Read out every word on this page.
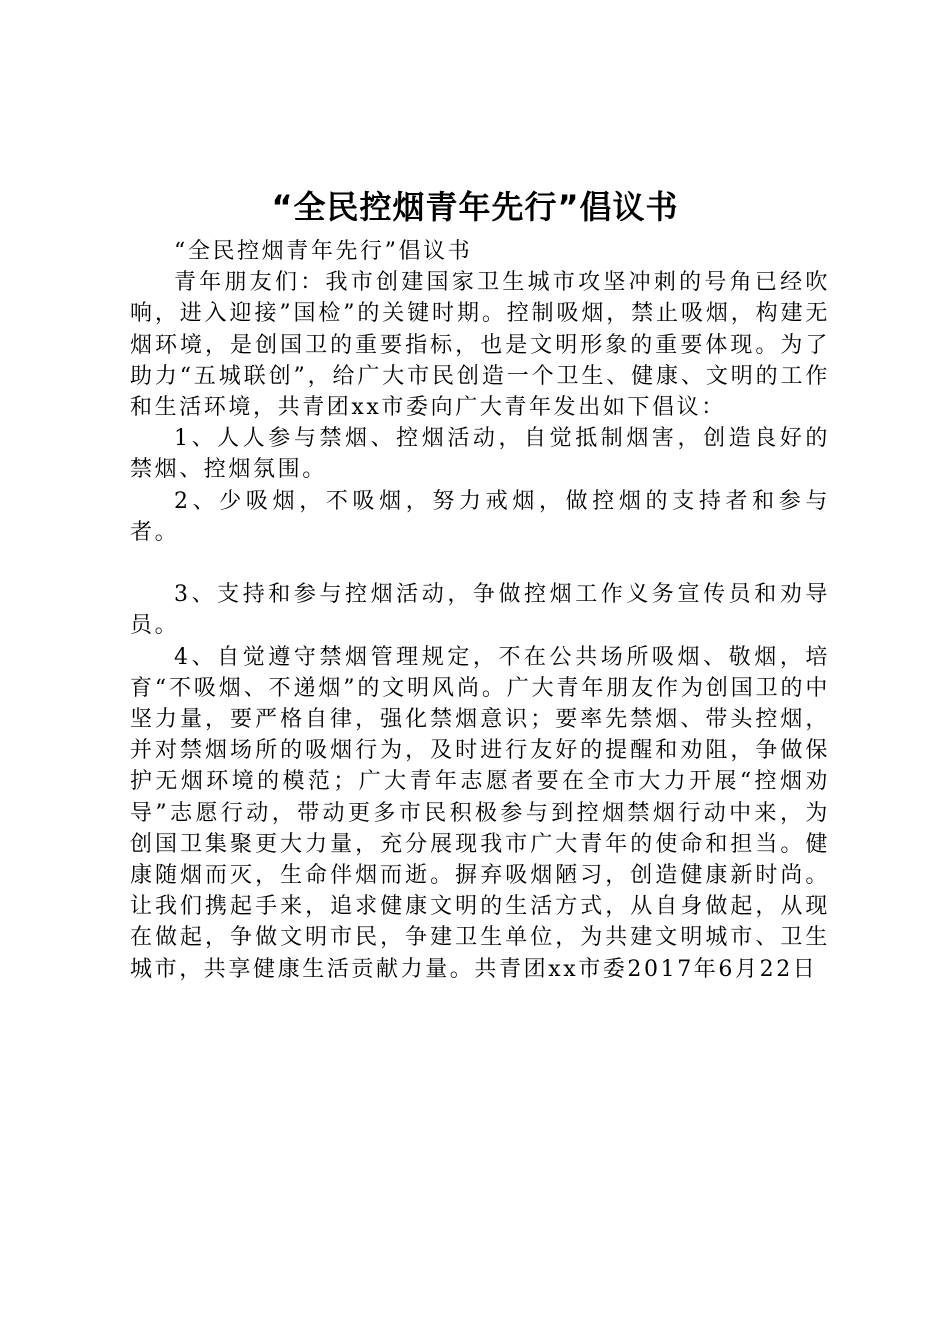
“全民控烟青年先行”倡议书

“全民控烟青年先行”倡议书

青年朋友们：我市创建国家卫生城市攻坚冲刺的号角已经吹响，进入迎接”国检”的关键时期。控制吸烟，禁止吸烟，构建无烟环境，是创国卫的重要指标，也是文明形象的重要体现。为了助力“五城联创”，给广大市民创造一个卫生、健康、文明的工作和生活环境，共青团xx市委向广大青年发出如下倡议：

1、人人参与禁烟、控烟活动，自觉抵制烟害，创造良好的禁烟、控烟氛围。

2、少吸烟，不吸烟，努力戒烟，做控烟的支持者和参与者。

3、支持和参与控烟活动，争做控烟工作义务宣传员和劝导员。

4、自觉遵守禁烟管理规定，不在公共场所吸烟、敬烟，培育“不吸烟、不递烟”的文明风尚。广大青年朋友作为创国卫的中坚力量，要严格自律，强化禁烟意识；要率先禁烟、带头控烟，并对禁烟场所的吸烟行为，及时进行友好的提醒和劝阻，争做保护无烟环境的模范；广大青年志愿者要在全市大力开展“控烟劝导”志愿行动，带动更多市民积极参与到控烟禁烟行动中来，为创国卫集聚更大力量，充分展现我市广大青年的使命和担当。健康随烟而灭，生命伴烟而逝。摒弃吸烟陋习，创造健康新时尚。让我们携起手来，追求健康文明的生活方式，从自身做起，从现在做起，争做文明市民，争建卫生单位，为共建文明城市、卫生城市，共享健康生活贡献力量。共青团xx市委2017年6月22日
